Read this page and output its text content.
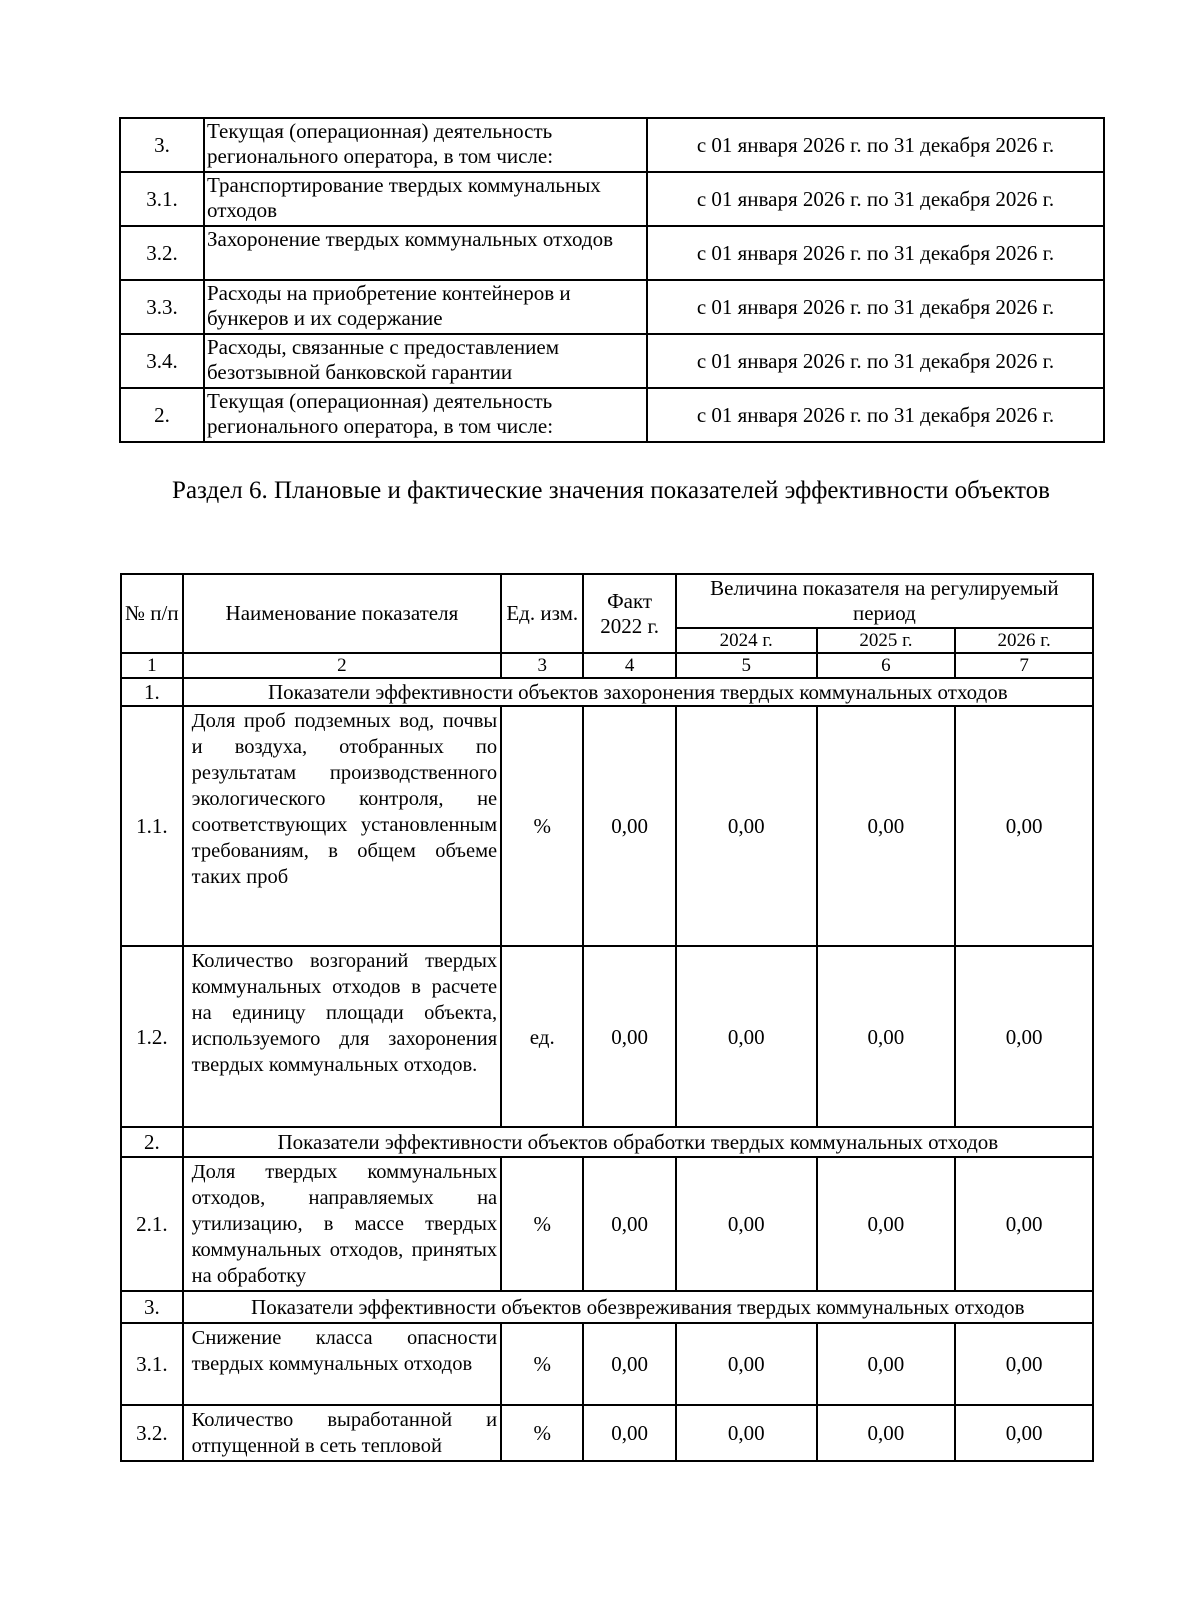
3.	Текущая (операционная) деятельность регионального оператора, в том числе:	с 01 января 2026 г. по 31 декабря 2026 г.
3.1.	Транспортирование твердых коммунальных отходов	с 01 января 2026 г. по 31 декабря 2026 г.
3.2.	Захоронение твердых коммунальных отходов	с 01 января 2026 г. по 31 декабря 2026 г.
3.3.	Расходы на приобретение контейнеров и бункеров и их содержание	с 01 января 2026 г. по 31 декабря 2026 г.
3.4.	Расходы, связанные с предоставлением безотзывной банковской гарантии	с 01 января 2026 г. по 31 декабря 2026 г.
2.	Текущая (операционная) деятельность регионального оператора, в том числе:	с 01 января 2026 г. по 31 декабря 2026 г.
Раздел 6. Плановые и фактические значения показателей эффективности объектов
№ п/п	Наименование показателя	Ед. изм.	Факт 2022 г.	Величина показателя на регулируемый период		
				2024 г.	2025 г.	2026 г.
1	2	3	4	5	6	7
1.	Показатели эффективности объектов захоронения твердых коммунальных отходов					
1.1.	Доля проб подземных вод, почвы и воздуха, отобранных по результатам производственного экологического контроля, не соответствующих установленным требованиям, в общем объеме таких проб	%	0,00	0,00	0,00	0,00
1.2.	Количество возгораний твердых коммунальных отходов в расчете на единицу площади объекта, используемого для захоронения твердых коммунальных отходов.	ед.	0,00	0,00	0,00	0,00
2.	Показатели эффективности объектов обработки твердых коммунальных отходов					
2.1.	Доля твердых коммунальных отходов, направляемых на утилизацию, в массе твердых коммунальных отходов, принятых на обработку	%	0,00	0,00	0,00	0,00
3.	Показатели эффективности объектов обезвреживания твердых коммунальных отходов					
3.1.	Снижение класса опасности твердых коммунальных отходов	%	0,00	0,00	0,00	0,00
3.2.	Количество выработанной и отпущенной в сеть тепловой	%	0,00	0,00	0,00	0,00
